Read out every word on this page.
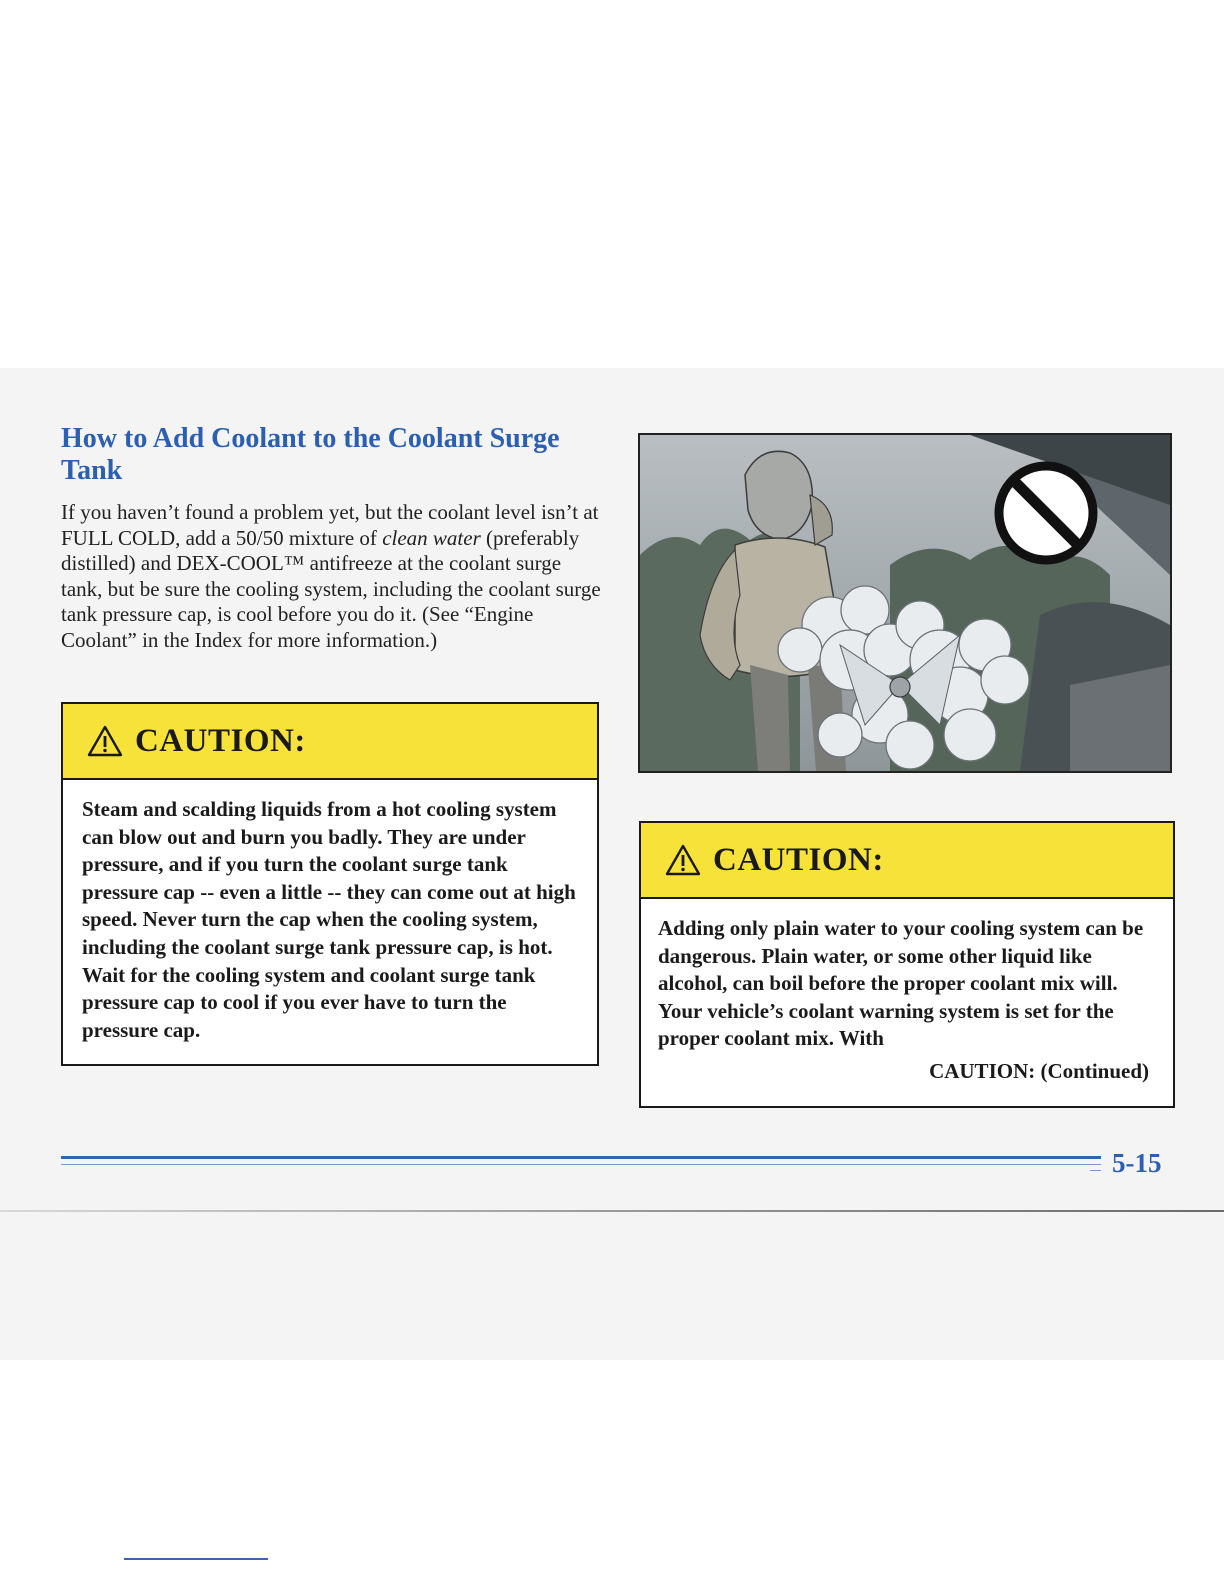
How to Add Coolant to the Coolant Surge Tank

If you haven’t found a problem yet, but the coolant level isn’t at FULL COLD, add a 50/50 mixture of clean water (preferably distilled) and DEX-COOL™ antifreeze at the coolant surge tank, but be sure the cooling system, including the coolant surge tank pressure cap, is cool before you do it. (See “Engine Coolant” in the Index for more information.)

CAUTION:
Steam and scalding liquids from a hot cooling system can blow out and burn you badly. They are under pressure, and if you turn the coolant surge tank pressure cap -- even a little -- they can come out at high speed. Never turn the cap when the cooling system, including the coolant surge tank pressure cap, is hot. Wait for the cooling system and coolant surge tank pressure cap to cool if you ever have to turn the pressure cap.
CAUTION:
Adding only plain water to your cooling system can be dangerous. Plain water, or some other liquid like alcohol, can boil before the proper coolant mix will. Your vehicle’s coolant warning system is set for the proper coolant mix. With
CAUTION: (Continued)

5-15
